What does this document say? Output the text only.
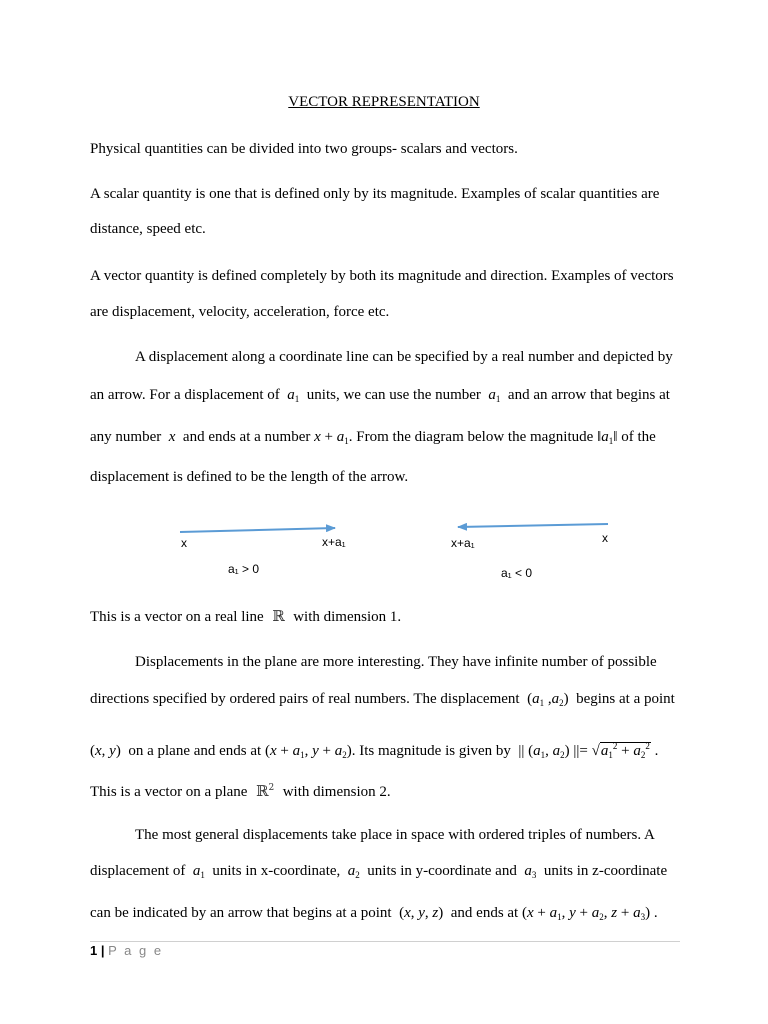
VECTOR REPRESENTATION
Physical quantities can be divided into two groups- scalars and vectors.
A scalar quantity is one that is defined only by its magnitude. Examples of scalar quantities are
distance, speed etc.
A vector quantity is defined completely by both its magnitude and direction. Examples of vectors
are displacement, velocity, acceleration, force etc.
A displacement along a coordinate line can be specified by a real number and depicted by
an arrow. For a displacement of  $a_1$ units, we can use the number  $a_1$ and an arrow that begins at
any number  x  and ends at a number $x + a_1$. From the diagram below the magnitude $‖a_1‖$ of the
displacement is defined to be the length of the arrow.
x	x+a₁
a₁ > 0
x+a₁	x
a₁ < 0
This is a vector on a real line  ℝ  with dimension 1.
Displacements in the plane are more interesting. They have infinite number of possible
directions specified by ordered pairs of real numbers. The displacement ($a_1$ $,a_2$) begins at a point
(x, y) on a plane and ends at ($x + a_1$, $y + a_2$). Its magnitude is given by  || ($a_1$, $a_2$) ||= $√a_1^2 + a_2^2$ .
This is a vector on a plane  ℝ$^2$ with dimension 2.
The most general displacements take place in space with ordered triples of numbers. A
displacement of  $a_1$ units in x-coordinate,  $a_2$ units in y-coordinate and  $a_3$ units in z-coordinate
can be indicated by an arrow that begins at a point (x, y, z) and ends at ($x + a_1$, $y + a_2$, $z + a_3$) .
1 | P a g e
